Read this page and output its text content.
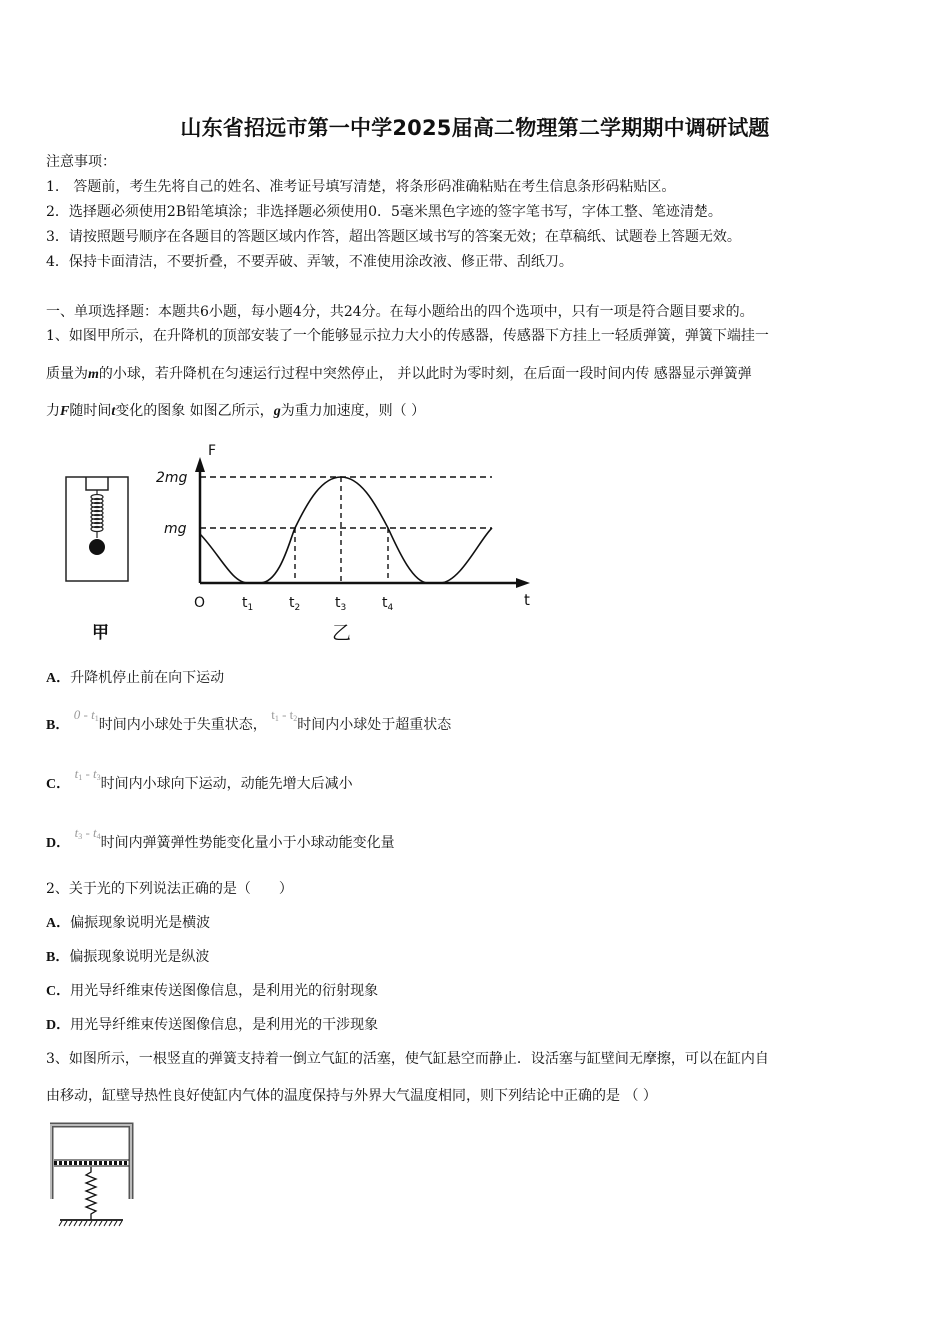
山东省招远市第一中学2025届高二物理第二学期期中调研试题
注意事项：
1.　答题前，考生先将自己的姓名、准考证号填写清楚，将条形码准确粘贴在考生信息条形码粘贴区。
2．选择题必须使用2B铅笔填涂；非选择题必须使用0．5毫米黑色字迹的签字笔书写，字体工整、笔迹清楚。
3．请按照题号顺序在各题目的答题区域内作答，超出答题区域书写的答案无效；在草稿纸、试题卷上答题无效。
4．保持卡面清洁，不要折叠，不要弄破、弄皱，不准使用涂改液、修正带、刮纸刀。
一、单项选择题：本题共6小题，每小题4分，共24分。在每小题给出的四个选项中，只有一项是符合题目要求的。
1、如图甲所示，在升降机的顶部安装了一个能够显示拉力大小的传感器，传感器下方挂上一轻质弹簧，弹簧下端挂一
质量为m的小球，若升降机在匀速运行过程中突然停止， 并以此时为零时刻，在后面一段时间内传 感器显示弹簧弹
力F随时间t变化的图象 如图乙所示，g为重力加速度，则（ ）
甲
F
t
O
2mg
mg
$t_1$	$t_2$ $t_3$	$t_4$
乙
A．升降机停止前在向下运动
B． $0 - t_1$时间内小球处于失重状态， $t_1 - t_2$时间内小球处于超重状态
C． $t_1 - t_3$时间内小球向下运动，动能先增大后减小
D． $t_3 - t_4$时间内弹簧弹性势能变化量小于小球动能变化量
2、关于光的下列说法正确的是（　　）
A．偏振现象说明光是横波
B．偏振现象说明光是纵波
C．用光导纤维束传送图像信息，是利用光的衍射现象
D．用光导纤维束传送图像信息，是利用光的干涉现象
3、如图所示，一根竖直的弹簧支持着一倒立气缸的活塞，使气缸悬空而静止．设活塞与缸壁间无摩擦，可以在缸内自
由移动，缸壁导热性良好使缸内气体的温度保持与外界大气温度相同，则下列结论中正确的是 （ ）
